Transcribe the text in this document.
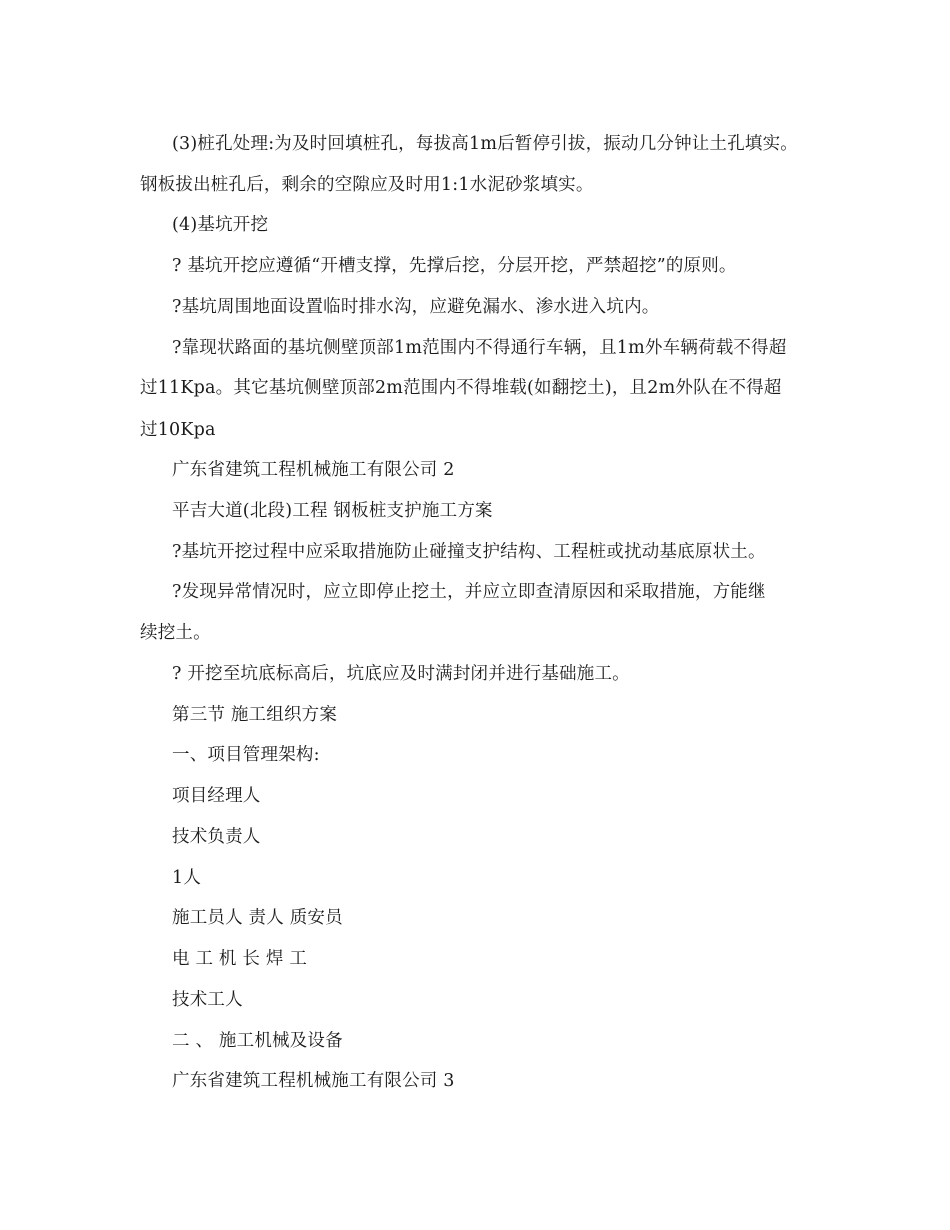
(3)桩孔处理:为及时回填桩孔，每拔高1m后暂停引拔，振动几分钟让土孔填实。
钢板拔出桩孔后，剩余的空隙应及时用1:1水泥砂浆填实。
(4)基坑开挖
? 基坑开挖应遵循“开槽支撑，先撑后挖，分层开挖，严禁超挖”的原则。
?基坑周围地面设置临时排水沟，应避免漏水、渗水进入坑内。
?靠现状路面的基坑侧壁顶部1m范围内不得通行车辆，且1m外车辆荷载不得超
过11Kpa。其它基坑侧壁顶部2m范围内不得堆载(如翻挖土)，且2m外队在不得超
过10Kpa
广东省建筑工程机械施工有限公司 2
平吉大道(北段)工程 钢板桩支护施工方案
?基坑开挖过程中应采取措施防止碰撞支护结构、工程桩或扰动基底原状土。
?发现异常情况时，应立即停止挖土，并应立即查清原因和采取措施，方能继
续挖土。
? 开挖至坑底标高后，坑底应及时满封闭并进行基础施工。
第三节 施工组织方案
一、项目管理架构:
项目经理人
技术负责人
1人
施工员人 责人 质安员
电 工 机 长 焊 工
技术工人
二 、 施工机械及设备
广东省建筑工程机械施工有限公司 3
